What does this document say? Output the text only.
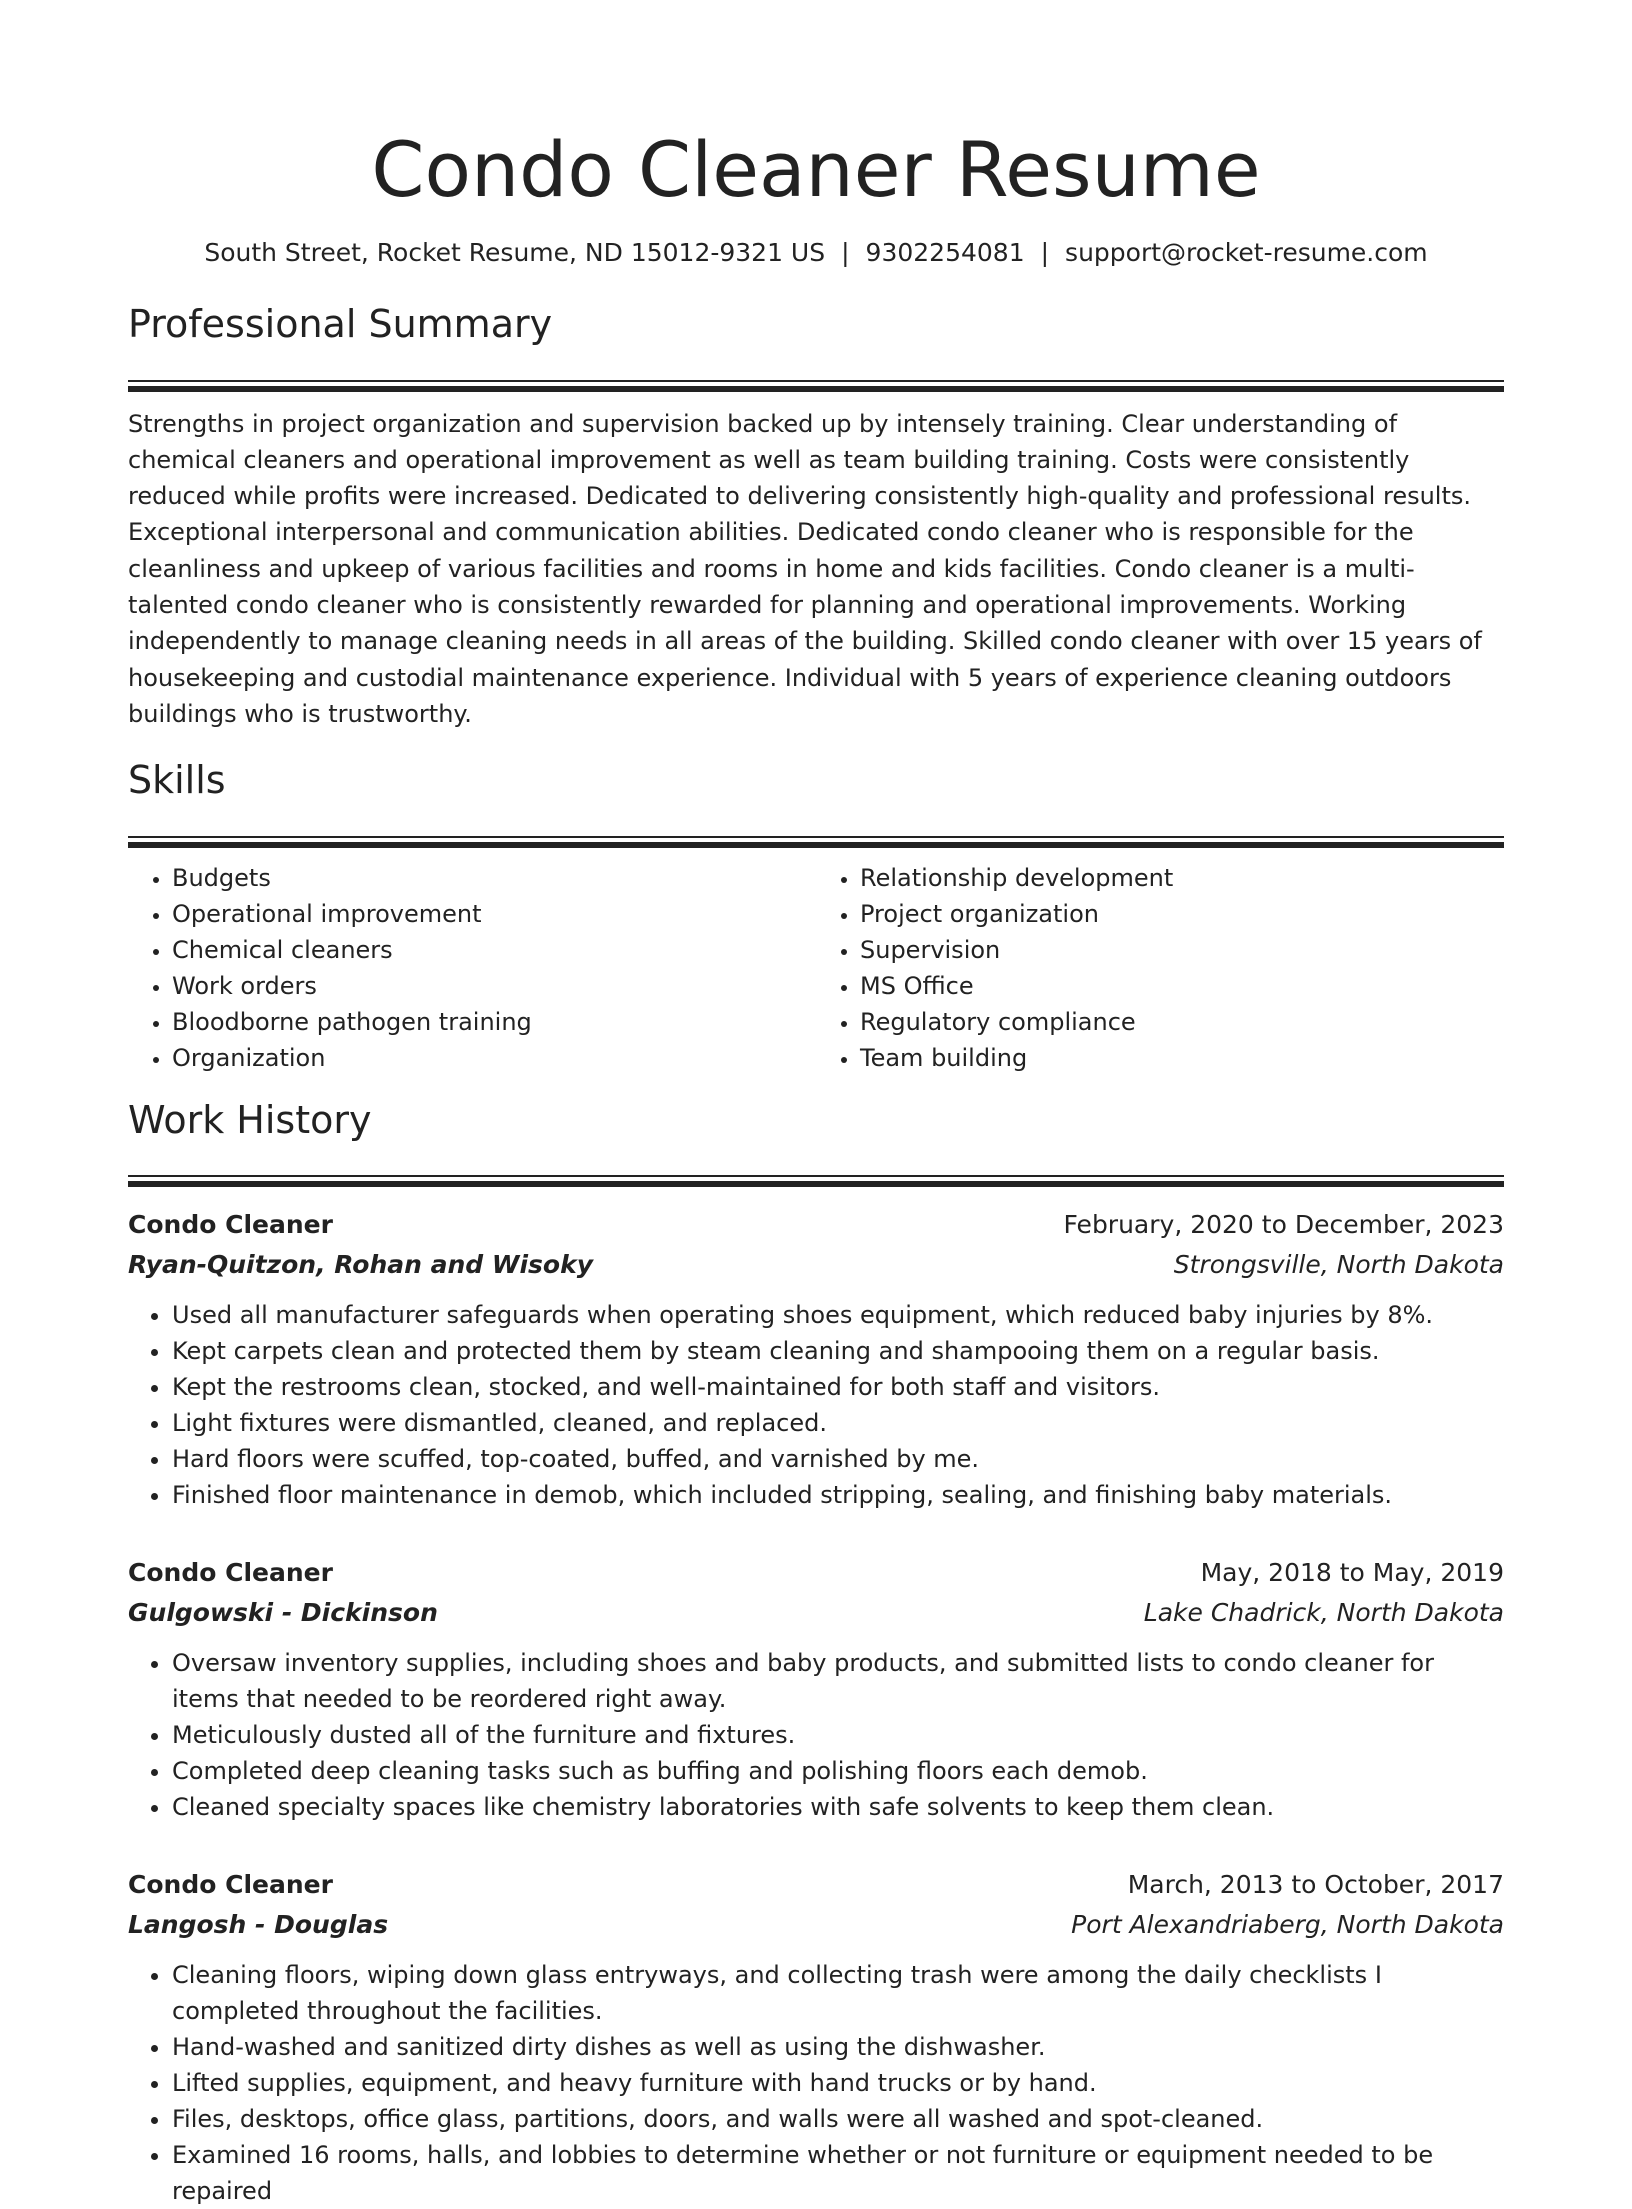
Condo Cleaner Resume
South Street, Rocket Resume, ND 15012-9321 US | 9302254081 | support@rocket-resume.com
Professional Summary

Strengths in project organization and supervision backed up by intensely training. Clear understanding of chemical cleaners and operational improvement as well as team building training. Costs were consistently reduced while profits were increased. Dedicated to delivering consistently high-quality and professional results. Exceptional interpersonal and communication abilities. Dedicated condo cleaner who is responsible for the cleanliness and upkeep of various facilities and rooms in home and kids facilities. Condo cleaner is a multi-talented condo cleaner who is consistently rewarded for planning and operational improvements. Working independently to manage cleaning needs in all areas of the building. Skilled condo cleaner with over 15 years of housekeeping and custodial maintenance experience. Individual with 5 years of experience cleaning outdoors buildings who is trustworthy.

Skills
• Budgets
• Operational improvement
• Chemical cleaners
• Work orders
• Bloodborne pathogen training
• Organization
• Relationship development
• Project organization
• Supervision
• MS Office
• Regulatory compliance
• Team building
Work History
Condo Cleaner	February, 2020 to December, 2023
Ryan-Quitzon, Rohan and Wisoky	Strongsville, North Dakota
• Used all manufacturer safeguards when operating shoes equipment, which reduced baby injuries by 8%.
• Kept carpets clean and protected them by steam cleaning and shampooing them on a regular basis.
• Kept the restrooms clean, stocked, and well-maintained for both staff and visitors.
• Light fixtures were dismantled, cleaned, and replaced.
• Hard floors were scuffed, top-coated, buffed, and varnished by me.
• Finished floor maintenance in demob, which included stripping, sealing, and finishing baby materials.
Condo Cleaner	May, 2018 to May, 2019
Gulgowski - Dickinson	Lake Chadrick, North Dakota
• Oversaw inventory supplies, including shoes and baby products, and submitted lists to condo cleaner for items that needed to be reordered right away.
• Meticulously dusted all of the furniture and fixtures.
• Completed deep cleaning tasks such as buffing and polishing floors each demob.
• Cleaned specialty spaces like chemistry laboratories with safe solvents to keep them clean.
Condo Cleaner	March, 2013 to October, 2017
Langosh - Douglas	Port Alexandriaberg, North Dakota
• Cleaning floors, wiping down glass entryways, and collecting trash were among the daily checklists I completed throughout the facilities.
• Hand-washed and sanitized dirty dishes as well as using the dishwasher.
• Lifted supplies, equipment, and heavy furniture with hand trucks or by hand.
• Files, desktops, office glass, partitions, doors, and walls were all washed and spot-cleaned.
• Examined 16 rooms, halls, and lobbies to determine whether or not furniture or equipment needed to be repaired
